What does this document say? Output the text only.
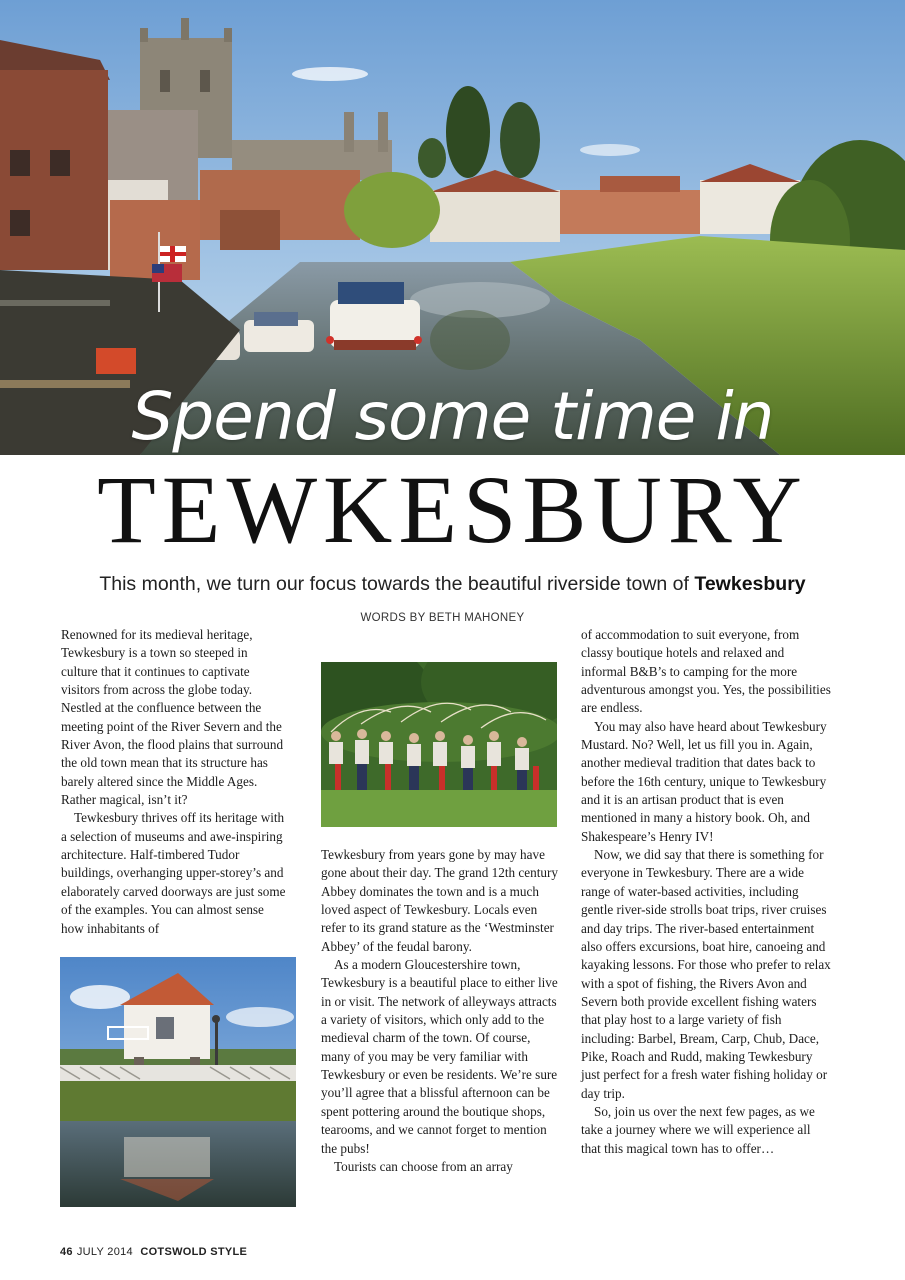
Spend some time in
TEWKESBURY
This month, we turn our focus towards the beautiful riverside town of Tewkesbury
WORDS BY BETH MAHONEY

Renowned for its medieval heritage, Tewkesbury is a town so steeped in culture that it continues to captivate visitors from across the globe today. Nestled at the confluence between the meeting point of the River Severn and the River Avon, the flood plains that surround the old town mean that its structure has barely altered since the Middle Ages. Rather magical, isn’t it?

Tewkesbury thrives off its heritage with a selection of museums and awe-inspiring architecture. Half-timbered Tudor buildings, overhanging upper-storey’s and elaborately carved doorways are just some of the examples. You can almost sense how inhabitants of

Tewkesbury from years gone by may have gone about their day. The grand 12th century Abbey dominates the town and is a much loved aspect of Tewkesbury. Locals even refer to its grand stature as the ‘Westminster Abbey’ of the feudal barony.

As a modern Gloucestershire town, Tewkesbury is a beautiful place to either live in or visit. The network of alleyways attracts a variety of visitors, which only add to the medieval charm of the town. Of course, many of you may be very familiar with Tewkesbury or even be residents. We’re sure you’ll agree that a blissful afternoon can be spent pottering around the boutique shops, tearooms, and we cannot forget to mention the pubs!

Tourists can choose from an array

of accommodation to suit everyone, from classy boutique hotels and relaxed and informal B&B’s to camping for the more adventurous amongst you. Yes, the possibilities are endless.

You may also have heard about Tewkesbury Mustard. No? Well, let us fill you in. Again, another medieval tradition that dates back to before the 16th century, unique to Tewkesbury and it is an artisan product that is even mentioned in many a history book. Oh, and Shakespeare’s Henry IV!

Now, we did say that there is something for everyone in Tewkesbury. There are a wide range of water-based activities, including gentle river-side strolls boat trips, river cruises and day trips. The river-based entertainment also offers excursions, boat hire, canoeing and kayaking lessons. For those who prefer to relax with a spot of fishing, the Rivers Avon and Severn both provide excellent fishing waters that play host to a large variety of fish including: Barbel, Bream, Carp, Chub, Dace, Pike, Roach and Rudd, making Tewkesbury just perfect for a fresh water fishing holiday or day trip.

So, join us over the next few pages, as we take a journey where we will experience all that this magical town has to offer…

46 JULY 2014 COTSWOLD STYLE
